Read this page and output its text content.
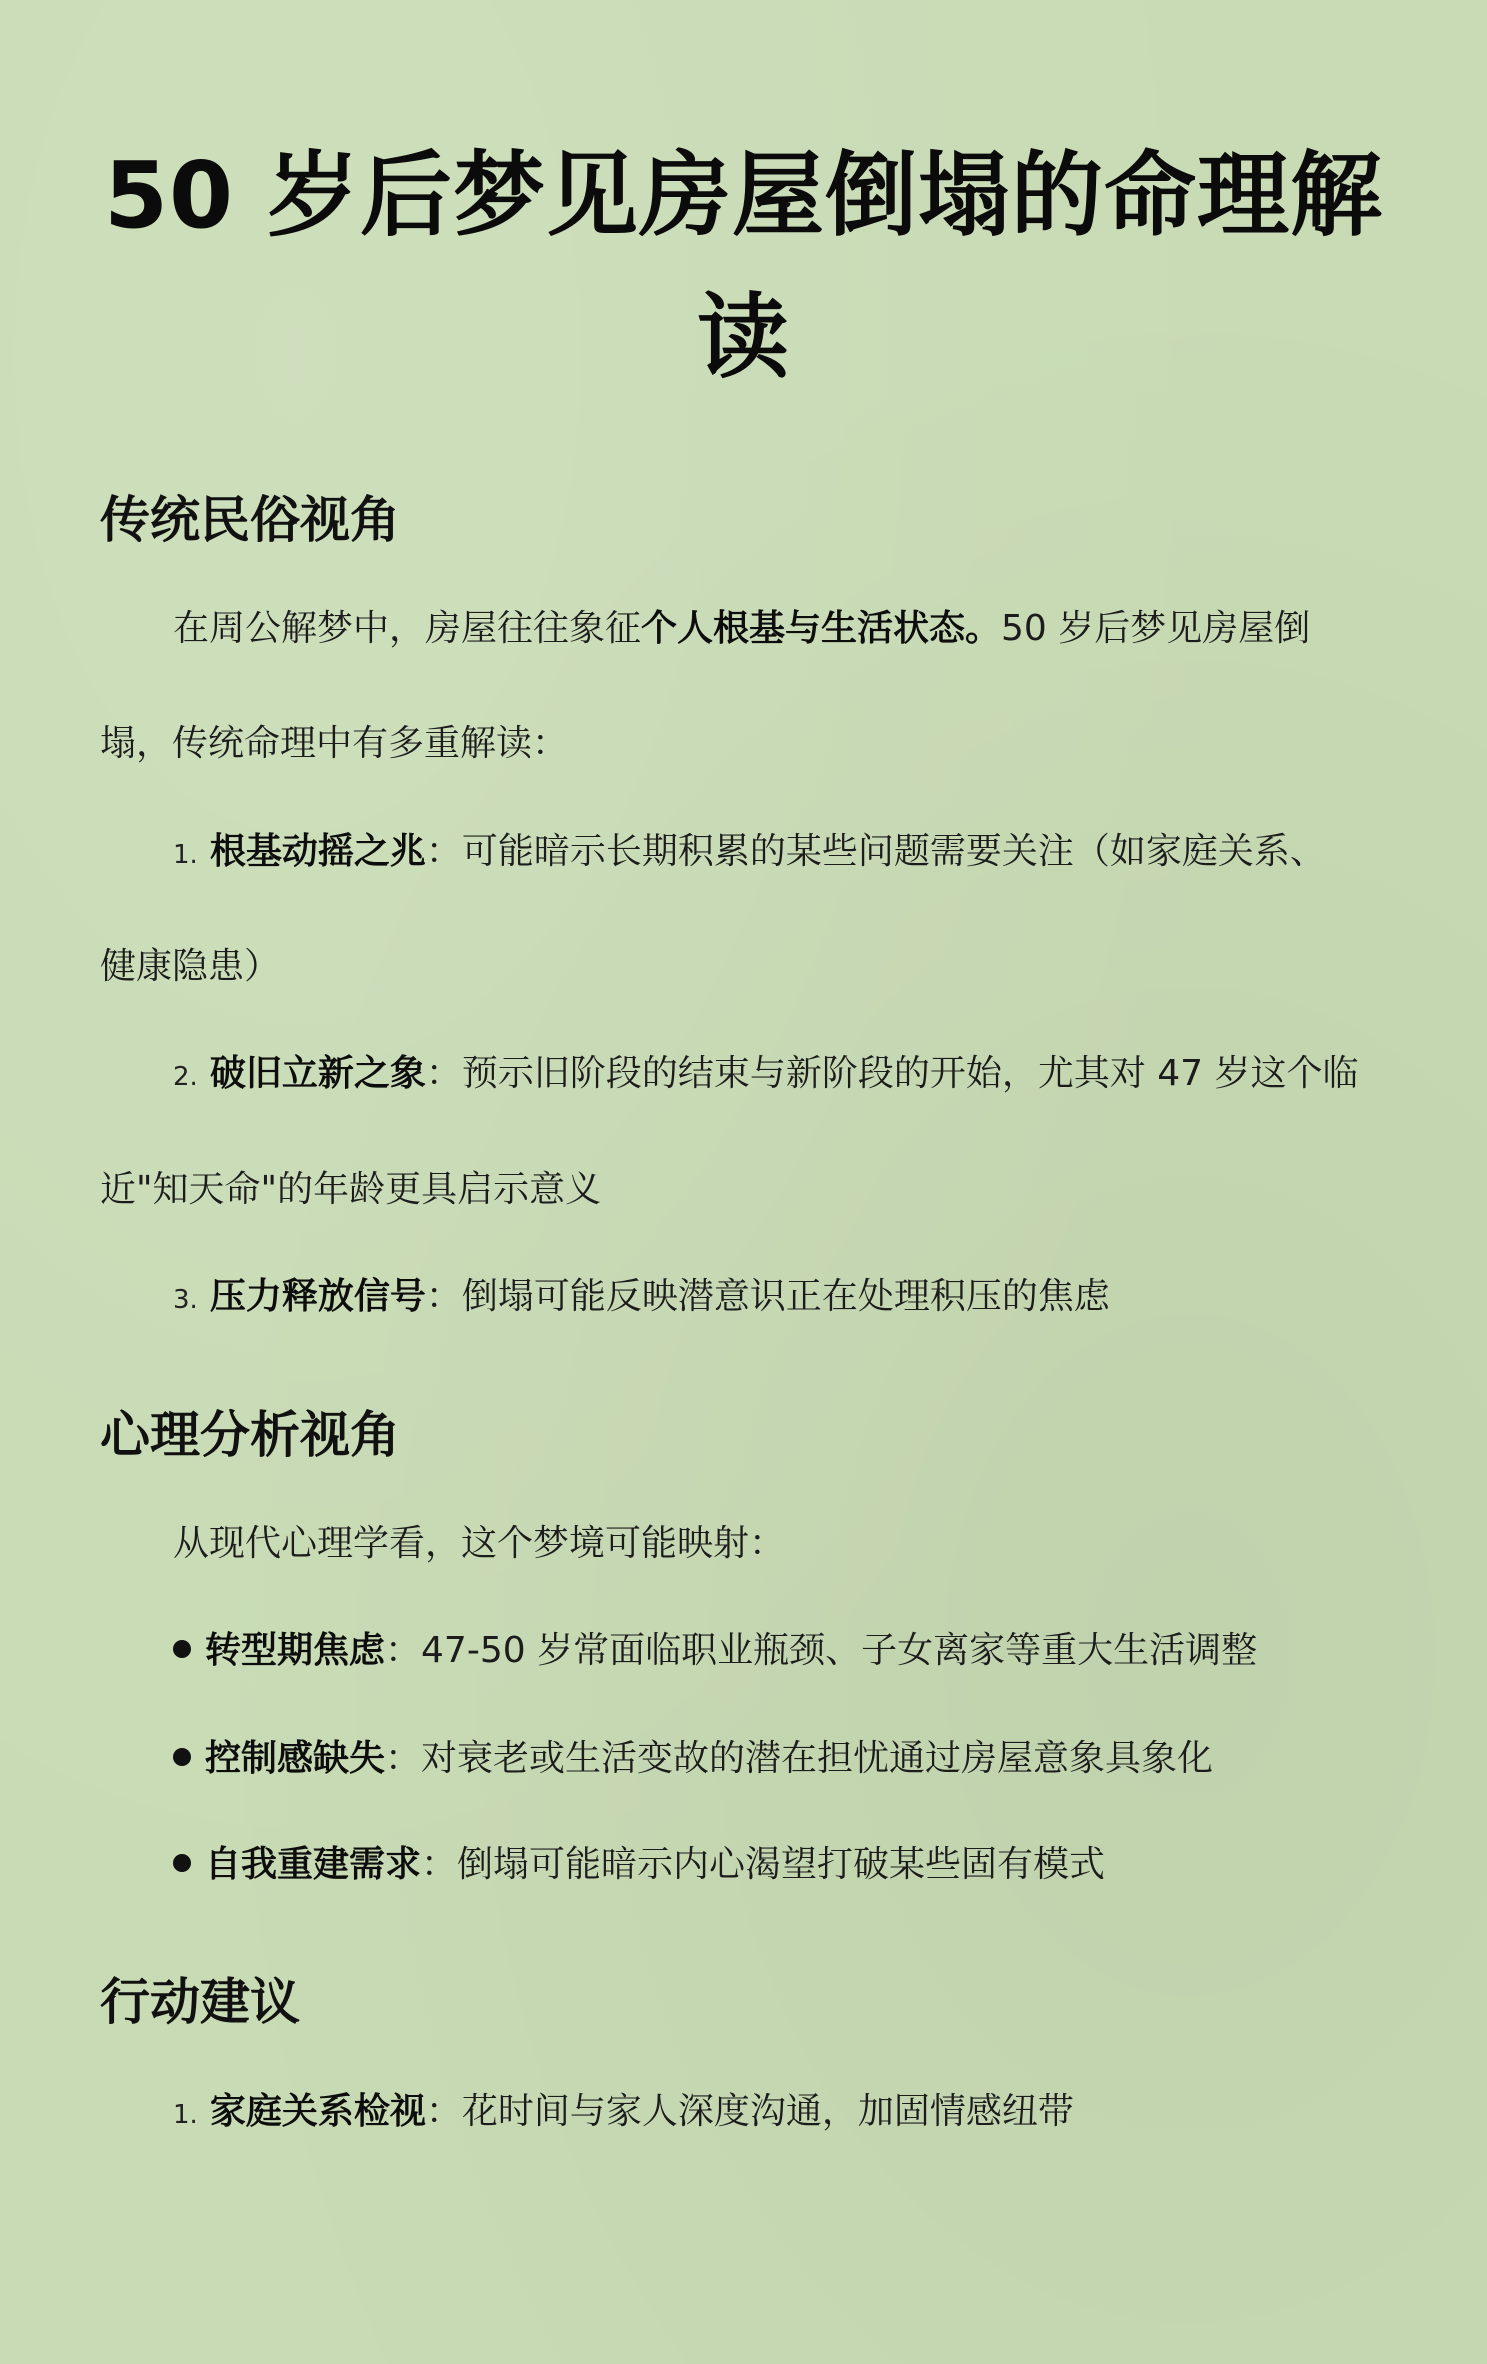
50 岁后梦见房屋倒塌的命理解
读
传统民俗视角
在周公解梦中，房屋往往象征个人根基与生活状态。50 岁后梦见房屋倒
塌，传统命理中有多重解读：
1. 根基动摇之兆：可能暗示长期积累的某些问题需要关注（如家庭关系、
健康隐患）
2. 破旧立新之象：预示旧阶段的结束与新阶段的开始，尤其对 47 岁这个临
近"知天命"的年龄更具启示意义
3. 压力释放信号：倒塌可能反映潜意识正在处理积压的焦虑
心理分析视角
从现代心理学看，这个梦境可能映射：
转型期焦虑：47-50 岁常面临职业瓶颈、子女离家等重大生活调整
控制感缺失：对衰老或生活变故的潜在担忧通过房屋意象具象化
自我重建需求：倒塌可能暗示内心渴望打破某些固有模式
行动建议
1. 家庭关系检视：花时间与家人深度沟通，加固情感纽带
